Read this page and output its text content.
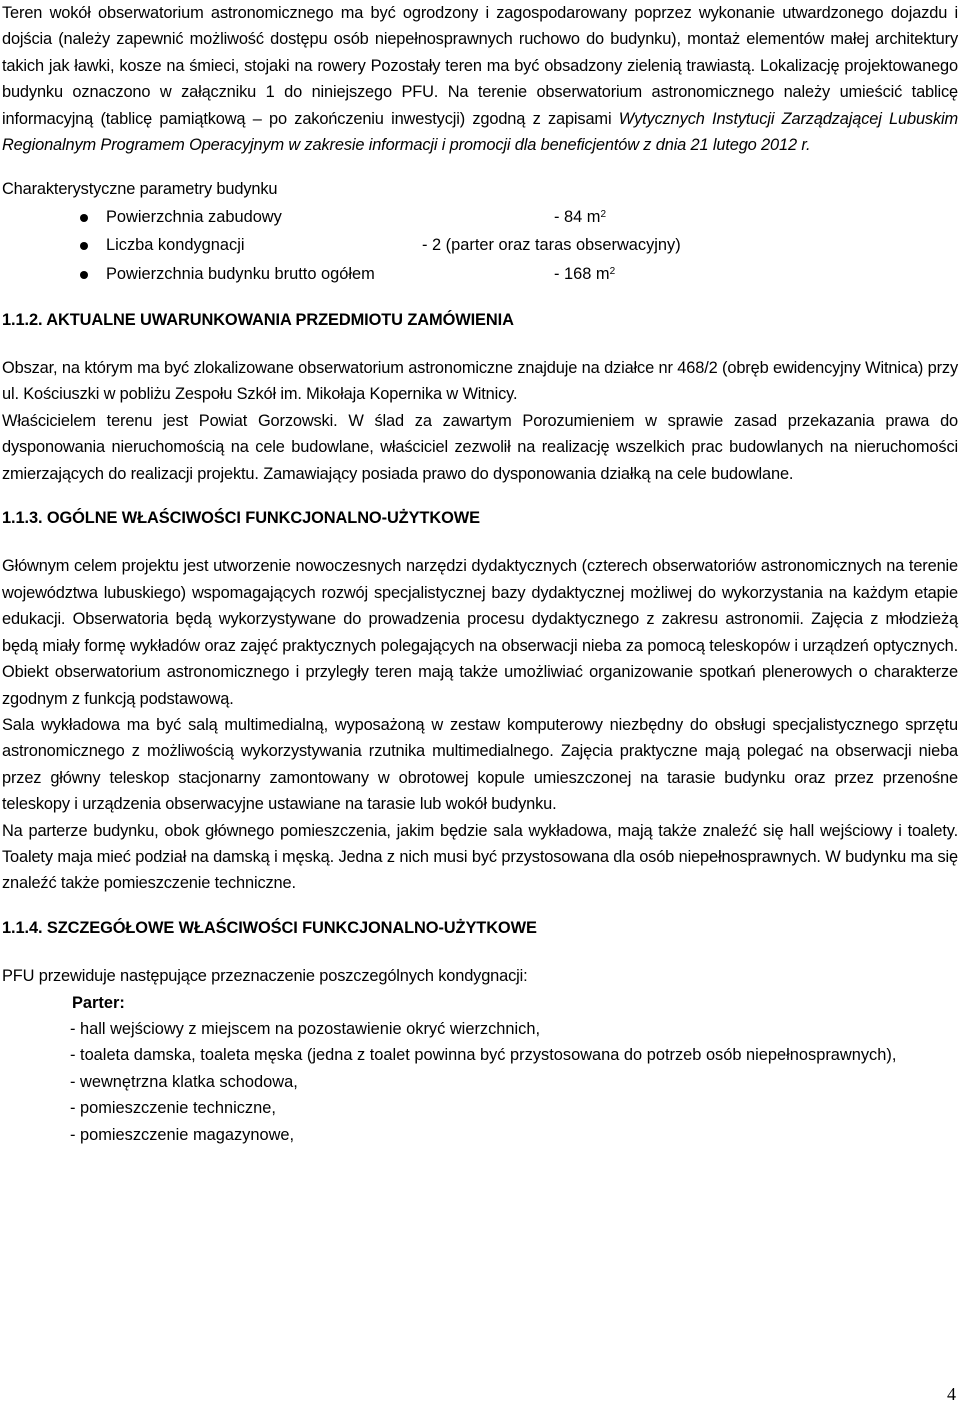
Teren wokół obserwatorium astronomicznego ma być ogrodzony i zagospodarowany poprzez wykonanie utwardzonego dojazdu i dojścia (należy zapewnić możliwość dostępu osób niepełnosprawnych ruchowo do budynku), montaż elementów małej architektury takich jak ławki, kosze na śmieci, stojaki na rowery Pozostały teren ma być obsadzony zielenią trawiastą. Lokalizację projektowanego budynku oznaczono w załączniku 1 do niniejszego PFU. Na terenie obserwatorium astronomicznego należy umieścić tablicę informacyjną (tablicę pamiątkową – po zakończeniu inwestycji) zgodną z zapisami Wytycznych Instytucji Zarządzającej Lubuskim Regionalnym Programem Operacyjnym w zakresie informacji i promocji dla beneficjentów z dnia 21 lutego 2012 r.

Charakterystyczne parametry budynku

Powierzchnia zabudowy	- 84 $m^2$
Liczba kondygnacji	- 2 (parter oraz taras obserwacyjny)
Powierzchnia budynku brutto ogółem	- 168 $m^2$

1.1.2. AKTUALNE UWARUNKOWANIA PRZEDMIOTU ZAMÓWIENIA

Obszar, na którym ma być zlokalizowane obserwatorium astronomiczne znajduje na działce nr 468/2 (obręb ewidencyjny Witnica) przy ul. Kościuszki w pobliżu Zespołu Szkół im. Mikołaja Kopernika w Witnicy.

Właścicielem terenu jest Powiat Gorzowski. W ślad za zawartym Porozumieniem w sprawie zasad przekazania prawa do dysponowania nieruchomością na cele budowlane, właściciel zezwolił na realizację wszelkich prac budowlanych na nieruchomości zmierzających do realizacji projektu. Zamawiający posiada prawo do dysponowania działką na cele budowlane.

1.1.3. OGÓLNE WŁAŚCIWOŚCI FUNKCJONALNO-UŻYTKOWE

Głównym celem projektu jest utworzenie nowoczesnych narzędzi dydaktycznych (czterech obserwatoriów astronomicznych na terenie województwa lubuskiego) wspomagających rozwój specjalistycznej bazy dydaktycznej możliwej do wykorzystania na każdym etapie edukacji. Obserwatoria będą wykorzystywane do prowadzenia procesu dydaktycznego z zakresu astronomii. Zajęcia z młodzieżą będą miały formę wykładów oraz zajęć praktycznych polegających na obserwacji nieba za pomocą teleskopów i urządzeń optycznych. Obiekt obserwatorium astronomicznego i przyległy teren mają także umożliwiać organizowanie spotkań plenerowych o charakterze zgodnym z funkcją podstawową.

Sala wykładowa ma być salą multimedialną, wyposażoną w zestaw komputerowy niezbędny do obsługi specjalistycznego sprzętu astronomicznego z możliwością wykorzystywania rzutnika multimedialnego. Zajęcia praktyczne mają polegać na obserwacji nieba przez główny teleskop stacjonarny zamontowany w obrotowej kopule umieszczonej na tarasie budynku oraz przez przenośne teleskopy i urządzenia obserwacyjne ustawiane na tarasie lub wokół budynku.

Na parterze budynku, obok głównego pomieszczenia, jakim będzie sala wykładowa, mają także znaleźć się hall wejściowy i toalety. Toalety maja mieć podział na damską i męską. Jedna z nich musi być przystosowana dla osób niepełnosprawnych. W budynku ma się znaleźć także pomieszczenie techniczne.

1.1.4. SZCZEGÓŁOWE WŁAŚCIWOŚCI FUNKCJONALNO-UŻYTKOWE

PFU przewiduje następujące przeznaczenie poszczególnych kondygnacji:

Parter:

- hall wejściowy z miejscem na pozostawienie okryć wierzchnich,
- toaleta damska, toaleta męska (jedna z toalet powinna być przystosowana do potrzeb osób niepełnosprawnych),
- wewnętrzna klatka schodowa,
- pomieszczenie techniczne,
- pomieszczenie magazynowe,
4
